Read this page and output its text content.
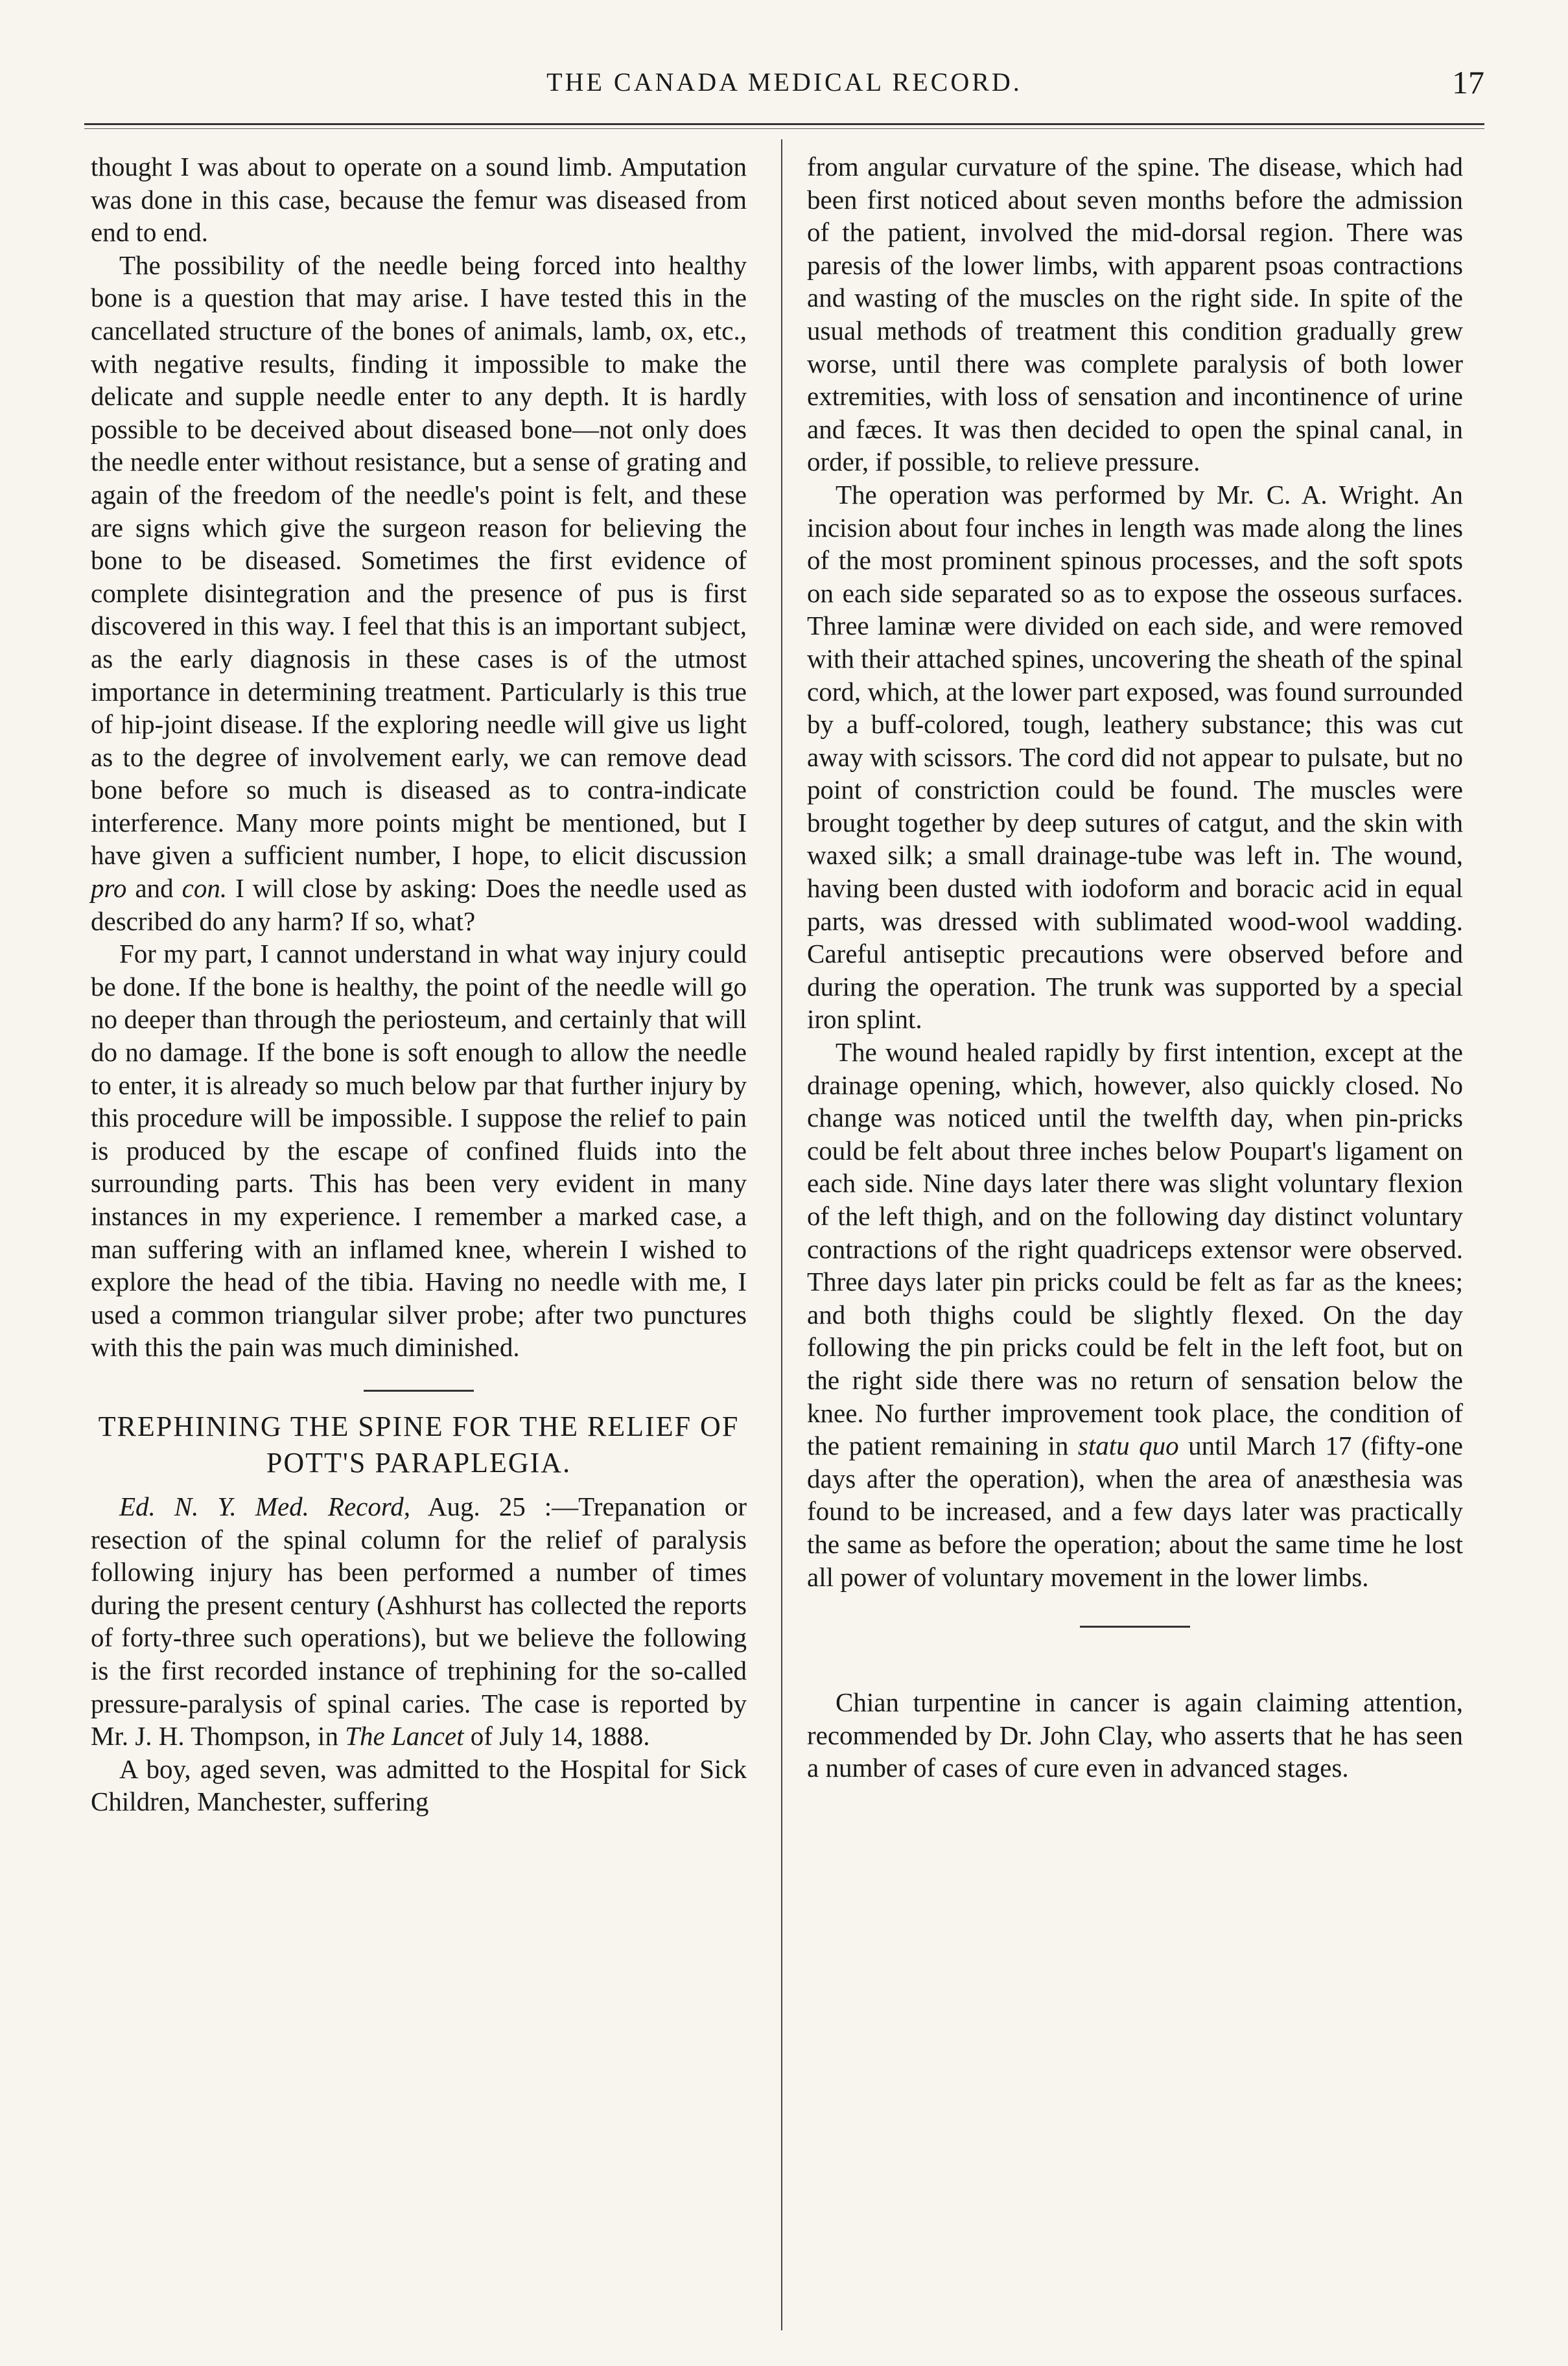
THE CANADA MEDICAL RECORD.	17

thought I was about to operate on a sound limb. Amputation was done in this case, because the femur was diseased from end to end.

The possibility of the needle being forced into healthy bone is a question that may arise. I have tested this in the cancellated structure of the bones of animals, lamb, ox, etc., with negative results, finding it impossible to make the delicate and supple needle enter to any depth. It is hardly possible to be deceived about diseased bone—not only does the needle enter without resistance, but a sense of grating and again of the freedom of the needle's point is felt, and these are signs which give the surgeon reason for believing the bone to be diseased. Sometimes the first evidence of complete disintegration and the presence of pus is first discovered in this way. I feel that this is an important subject, as the early diagnosis in these cases is of the utmost importance in determining treatment. Particularly is this true of hip-joint disease. If the exploring needle will give us light as to the degree of involvement early, we can remove dead bone before so much is diseased as to contra-indicate interference. Many more points might be mentioned, but I have given a sufficient number, I hope, to elicit discussion pro and con. I will close by asking: Does the needle used as described do any harm? If so, what?

For my part, I cannot understand in what way injury could be done. If the bone is healthy, the point of the needle will go no deeper than through the periosteum, and certainly that will do no damage. If the bone is soft enough to allow the needle to enter, it is already so much below par that further injury by this procedure will be impossible. I suppose the relief to pain is produced by the escape of confined fluids into the surrounding parts. This has been very evident in many instances in my experience. I remember a marked case, a man suffering with an inflamed knee, wherein I wished to explore the head of the tibia. Having no needle with me, I used a common triangular silver probe; after two punctures with this the pain was much diminished.

TREPHINING THE SPINE FOR THE RELIEF OF POTT'S PARAPLEGIA.

Ed. N. Y. Med. Record, Aug. 25 :—Trepanation or resection of the spinal column for the relief of paralysis following injury has been performed a number of times during the present century (Ashhurst has collected the reports of forty-three such operations), but we believe the following is the first recorded instance of trephining for the so-called pressure-paralysis of spinal caries. The case is reported by Mr. J. H. Thompson, in The Lancet of July 14, 1888.

A boy, aged seven, was admitted to the Hospital for Sick Children, Manchester, suffering

from angular curvature of the spine. The disease, which had been first noticed about seven months before the admission of the patient, involved the mid-dorsal region. There was paresis of the lower limbs, with apparent psoas contractions and wasting of the muscles on the right side. In spite of the usual methods of treatment this condition gradually grew worse, until there was complete paralysis of both lower extremities, with loss of sensation and incontinence of urine and fæces. It was then decided to open the spinal canal, in order, if possible, to relieve pressure.

The operation was performed by Mr. C. A. Wright. An incision about four inches in length was made along the lines of the most prominent spinous processes, and the soft spots on each side separated so as to expose the osseous surfaces. Three laminæ were divided on each side, and were removed with their attached spines, uncovering the sheath of the spinal cord, which, at the lower part exposed, was found surrounded by a buff-colored, tough, leathery substance; this was cut away with scissors. The cord did not appear to pulsate, but no point of constriction could be found. The muscles were brought together by deep sutures of catgut, and the skin with waxed silk; a small drainage-tube was left in. The wound, having been dusted with iodoform and boracic acid in equal parts, was dressed with sublimated wood-wool wadding. Careful antiseptic precautions were observed before and during the operation. The trunk was supported by a special iron splint.

The wound healed rapidly by first intention, except at the drainage opening, which, however, also quickly closed. No change was noticed until the twelfth day, when pin-pricks could be felt about three inches below Poupart's ligament on each side. Nine days later there was slight voluntary flexion of the left thigh, and on the following day distinct voluntary contractions of the right quadriceps extensor were observed. Three days later pin pricks could be felt as far as the knees; and both thighs could be slightly flexed. On the day following the pin pricks could be felt in the left foot, but on the right side there was no return of sensation below the knee. No further improvement took place, the condition of the patient remaining in statu quo until March 17 (fifty-one days after the operation), when the area of anæsthesia was found to be increased, and a few days later was practically the same as before the operation; about the same time he lost all power of voluntary movement in the lower limbs.

Chian turpentine in cancer is again claiming attention, recommended by Dr. John Clay, who asserts that he has seen a number of cases of cure even in advanced stages.
